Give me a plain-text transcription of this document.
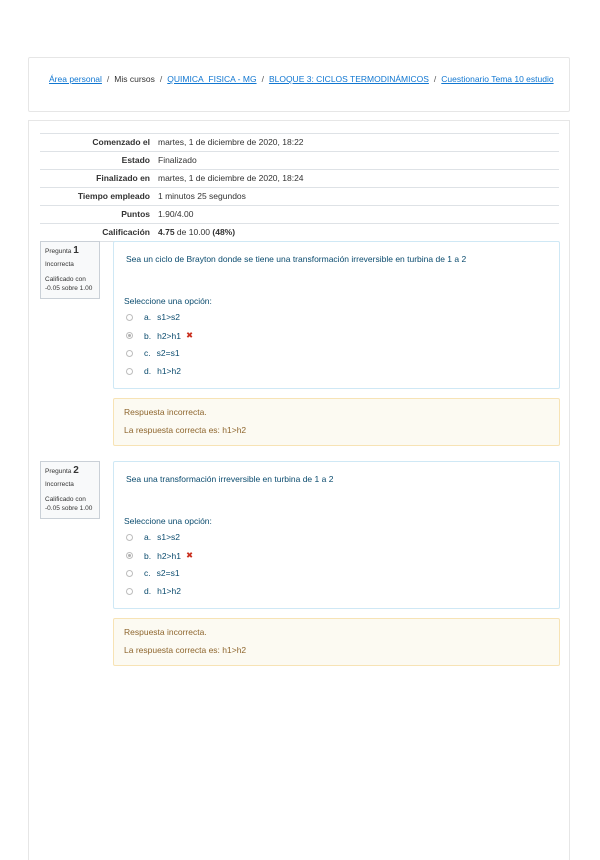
Área personal / Mis cursos / QUIMICA_FISICA - MG / BLOQUE 3: CICLOS TERMODINÁMICOS / Cuestionario Tema 10 estudio
Comenzado el	martes, 1 de diciembre de 2020, 18:22
Estado	Finalizado
Finalizado en	martes, 1 de diciembre de 2020, 18:24
Tiempo empleado	1 minutos 25 segundos
Puntos	1.90/4.00
Calificación	4.75 de 10.00 (48%)
Pregunta 1
Incorrecta
Calificado con -0.05 sobre 1.00
Sea un ciclo de Brayton donde se tiene una transformación irreversible en turbina de 1 a 2
Seleccione una opción:
a. s1>s2
b. h2>h1 ✖
c. s2=s1
d. h1>h2
Respuesta incorrecta.
La respuesta correcta es: h1>h2
Pregunta 2
Incorrecta
Calificado con -0.05 sobre 1.00
Sea una transformación irreversible en turbina de 1 a 2
Seleccione una opción:
a. s1>s2
b. h2>h1 ✖
c. s2=s1
d. h1>h2
Respuesta incorrecta.
La respuesta correcta es: h1>h2
